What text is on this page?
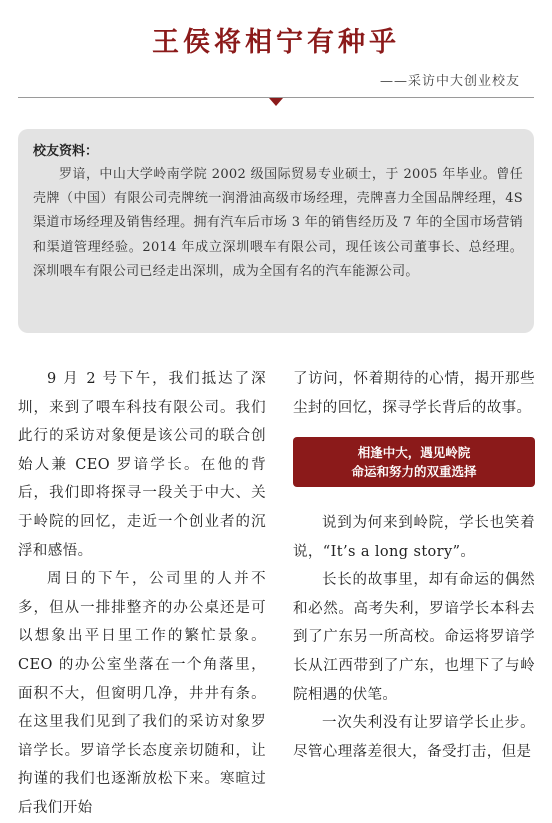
王侯将相宁有种乎
——采访中大创业校友
校友资料：

罗谙，中山大学岭南学院 2002 级国际贸易专业硕士，于 2005 年毕业。曾任壳牌（中国）有限公司壳牌统一润滑油高级市场经理，壳牌喜力全国品牌经理，4S 渠道市场经理及销售经理。拥有汽车后市场 3 年的销售经历及 7 年的全国市场营销和渠道管理经验。2014 年成立深圳喂车有限公司，现任该公司董事长、总经理。深圳喂车有限公司已经走出深圳，成为全国有名的汽车能源公司。

9 月 2 号下午，我们抵达了深圳，来到了喂车科技有限公司。我们此行的采访对象便是该公司的联合创始人兼 CEO 罗谙学长。在他的背后，我们即将探寻一段关于中大、关于岭院的回忆，走近一个创业者的沉浮和感悟。

周日的下午，公司里的人并不多，但从一排排整齐的办公桌还是可以想象出平日里工作的繁忙景象。CEO 的办公室坐落在一个角落里，面积不大，但窗明几净，井井有条。在这里我们见到了我们的采访对象罗谙学长。罗谙学长态度亲切随和，让拘谨的我们也逐渐放松下来。寒暄过后我们开始

了访问，怀着期待的心情，揭开那些尘封的回忆，探寻学长背后的故事。

相逢中大，遇见岭院
命运和努力的双重选择

说到为何来到岭院，学长也笑着说，“It’s a long story”。

长长的故事里，却有命运的偶然和必然。高考失利，罗谙学长本科去到了广东另一所高校。命运将罗谙学长从江西带到了广东，也埋下了与岭院相遇的伏笔。

一次失利没有让罗谙学长止步。尽管心理落差很大，备受打击，但是
